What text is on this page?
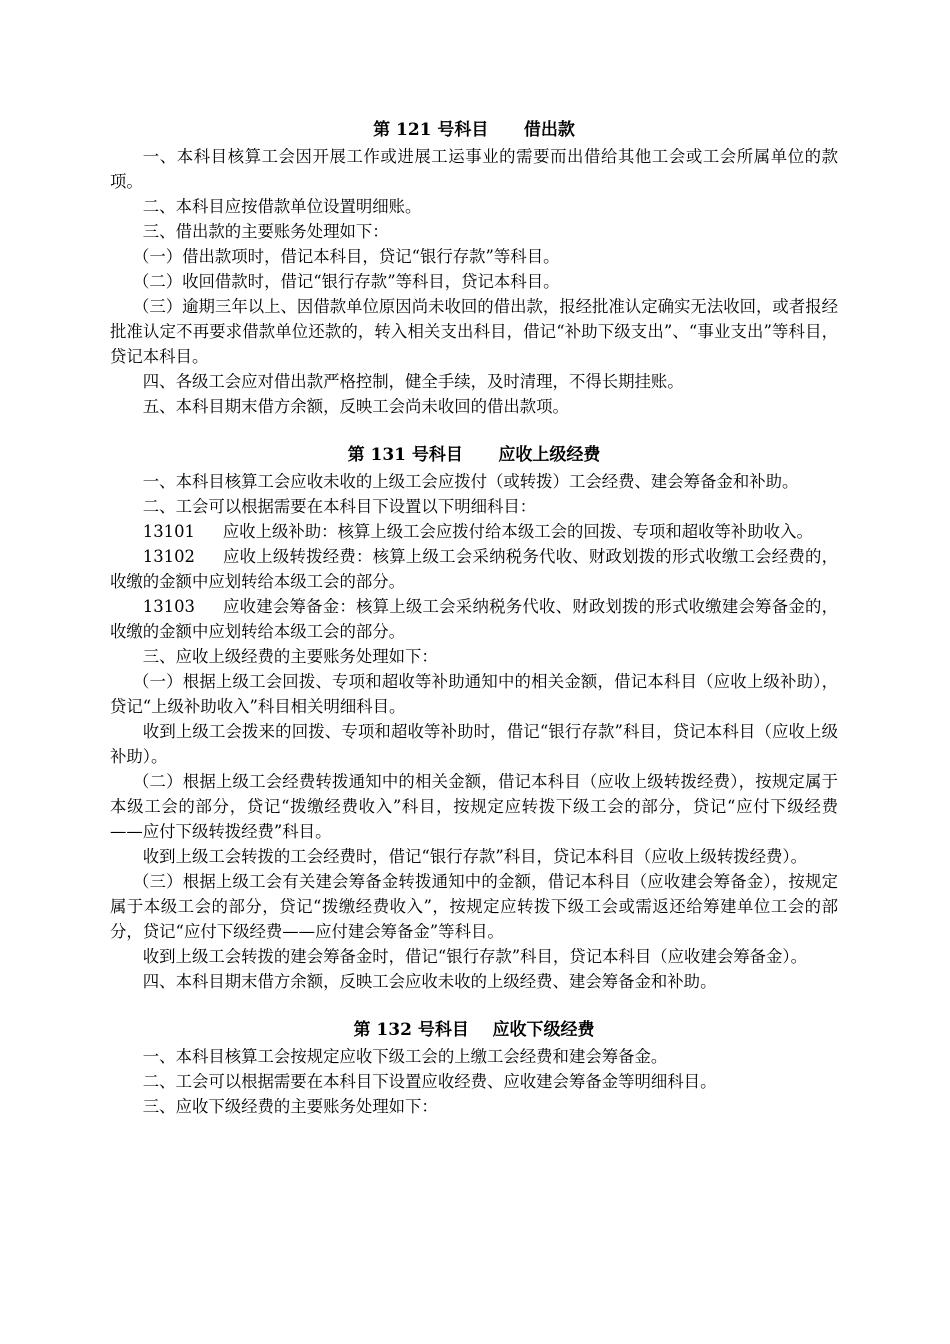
第 121 号科目      借出款

一、本科目核算工会因开展工作或进展工运事业的需要而出借给其他工会或工会所属单位的款项。

二、本科目应按借款单位设置明细账。

三、借出款的主要账务处理如下：

（一）借出款项时，借记本科目，贷记“银行存款”等科目。

（二）收回借款时，借记“银行存款”等科目，贷记本科目。

（三）逾期三年以上、因借款单位原因尚未收回的借出款，报经批准认定确实无法收回，或者报经批准认定不再要求借款单位还款的，转入相关支出科目，借记“补助下级支出”、“事业支出”等科目，贷记本科目。

四、各级工会应对借出款严格控制，健全手续，及时清理，不得长期挂账。

五、本科目期末借方余额，反映工会尚未收回的借出款项。

第 131 号科目      应收上级经费

一、本科目核算工会应收未收的上级工会应拨付（或转拨）工会经费、建会筹备金和补助。

二、工会可以根据需要在本科目下设置以下明细科目：

13101 应收上级补助：核算上级工会应拨付给本级工会的回拨、专项和超收等补助收入。

13102 应收上级转拨经费：核算上级工会采纳税务代收、财政划拨的形式收缴工会经费的，收缴的金额中应划转给本级工会的部分。

13103 应收建会筹备金：核算上级工会采纳税务代收、财政划拨的形式收缴建会筹备金的，收缴的金额中应划转给本级工会的部分。

三、应收上级经费的主要账务处理如下：

（一）根据上级工会回拨、专项和超收等补助通知中的相关金额，借记本科目（应收上级补助），贷记“上级补助收入”科目相关明细科目。

收到上级工会拨来的回拨、专项和超收等补助时，借记“银行存款”科目，贷记本科目（应收上级补助）。

（二）根据上级工会经费转拨通知中的相关金额，借记本科目（应收上级转拨经费），按规定属于本级工会的部分，贷记“拨缴经费收入”科目，按规定应转拨下级工会的部分，贷记“应付下级经费——应付下级转拨经费”科目。

收到上级工会转拨的工会经费时，借记“银行存款”科目，贷记本科目（应收上级转拨经费）。

（三）根据上级工会有关建会筹备金转拨通知中的金额，借记本科目（应收建会筹备金），按规定属于本级工会的部分，贷记“拨缴经费收入”，按规定应转拨下级工会或需返还给筹建单位工会的部分，贷记“应付下级经费——应付建会筹备金”等科目。

收到上级工会转拨的建会筹备金时，借记“银行存款”科目，贷记本科目（应收建会筹备金）。

四、本科目期末借方余额，反映工会应收未收的上级经费、建会筹备金和补助。

第 132 号科目    应收下级经费

一、本科目核算工会按规定应收下级工会的上缴工会经费和建会筹备金。

二、工会可以根据需要在本科目下设置应收经费、应收建会筹备金等明细科目。

三、应收下级经费的主要账务处理如下：
